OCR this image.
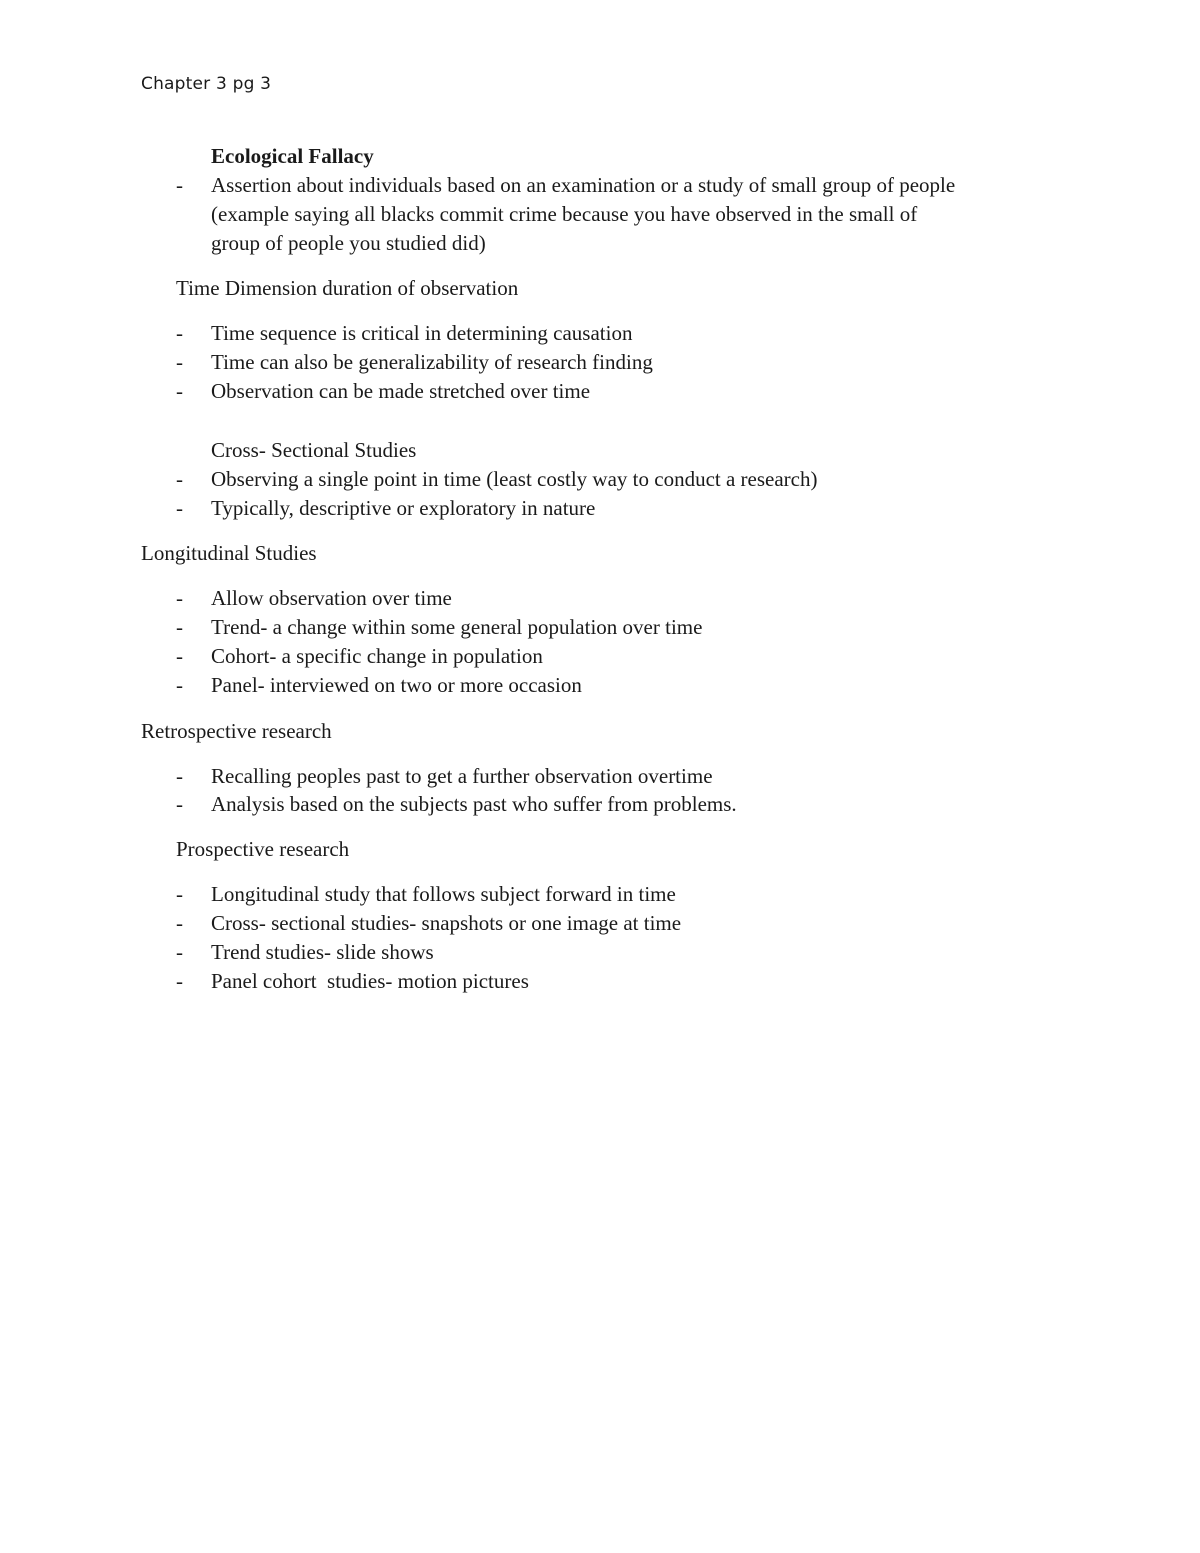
Chapter 3 pg 3
Ecological Fallacy
- Assertion about individuals based on an examination or a study of small group of people
(example saying all blacks commit crime because you have observed in the small of
group of people you studied did)
Time Dimension duration of observation
- Time sequence is critical in determining causation
- Time can also be generalizability of research finding
- Observation can be made stretched over time
Cross- Sectional Studies
- Observing a single point in time (least costly way to conduct a research)
- Typically, descriptive or exploratory in nature
Longitudinal Studies
- Allow observation over time
- Trend- a change within some general population over time
- Cohort- a specific change in population
- Panel- interviewed on two or more occasion
Retrospective research
- Recalling peoples past to get a further observation overtime
- Analysis based on the subjects past who suffer from problems.
Prospective research
- Longitudinal study that follows subject forward in time
- Cross- sectional studies- snapshots or one image at time
- Trend studies- slide shows
- Panel cohort  studies- motion pictures
